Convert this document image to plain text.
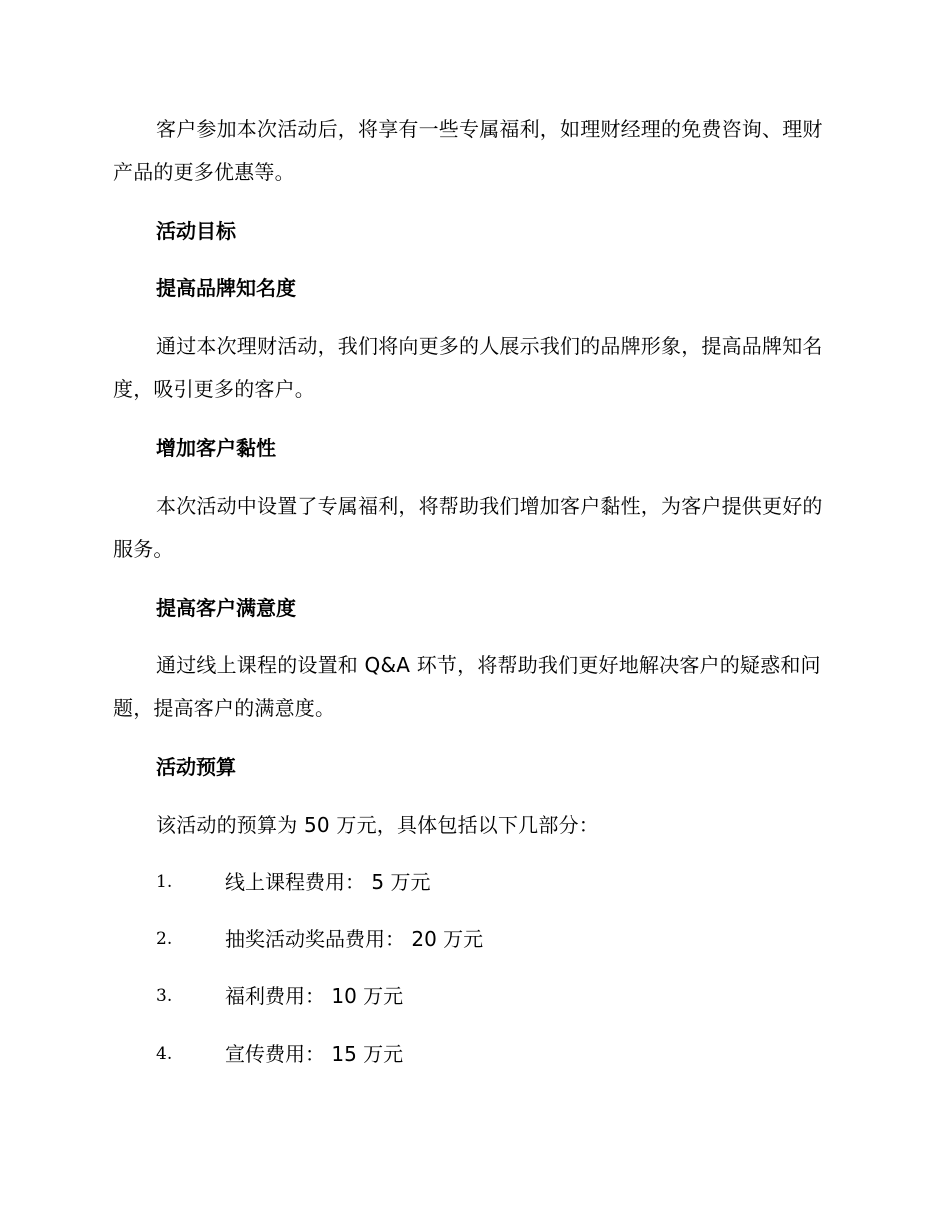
客户参加本次活动后，将享有一些专属福利，如理财经理的免费咨询、理财产品的更多优惠等。

活动目标
提高品牌知名度

通过本次理财活动，我们将向更多的人展示我们的品牌形象，提高品牌知名度，吸引更多的客户。

增加客户黏性

本次活动中设置了专属福利，将帮助我们增加客户黏性，为客户提供更好的服务。

提高客户满意度

通过线上课程的设置和 Q&A 环节，将帮助我们更好地解决客户的疑惑和问题，提高客户的满意度。

活动预算

该活动的预算为 50 万元，具体包括以下几部分：

1.	线上课程费用： 5 万元
2.	抽奖活动奖品费用： 20 万元
3.	福利费用： 10 万元
4.	宣传费用： 15 万元
